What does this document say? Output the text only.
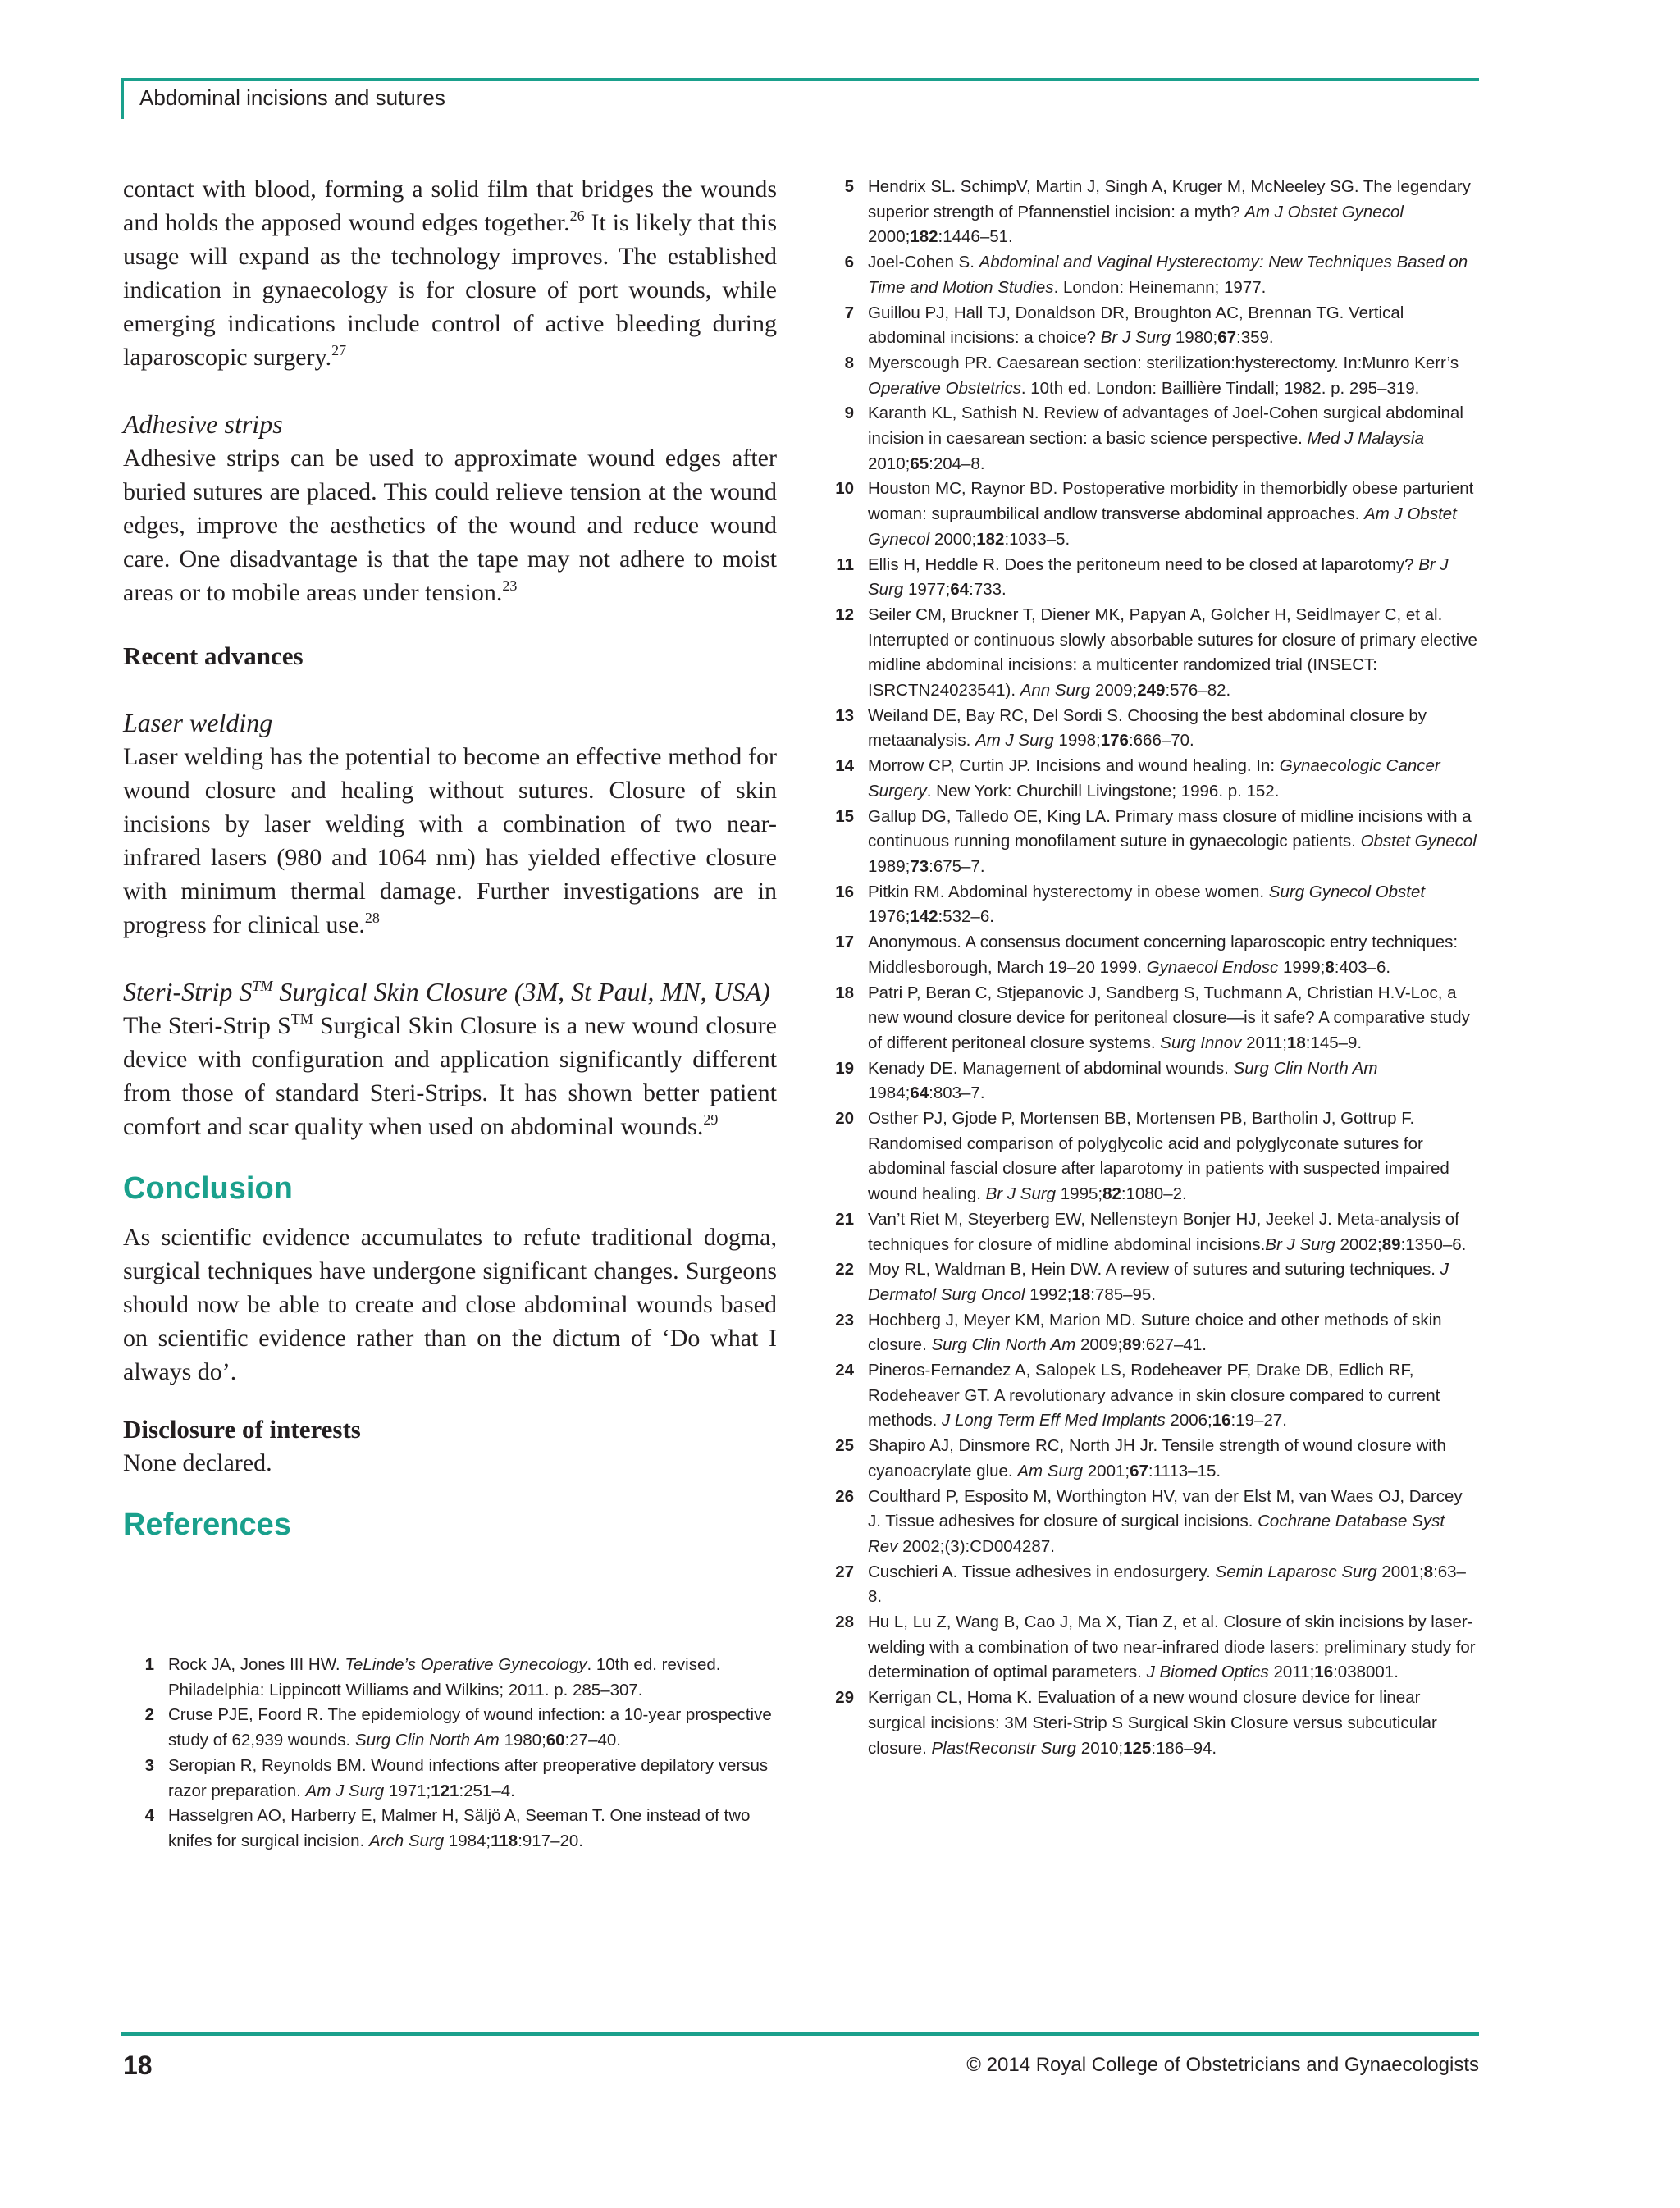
Abdominal incisions and sutures

contact with blood, forming a solid film that bridges the wounds and holds the apposed wound edges together.$^{26}$ It is likely that this usage will expand as the technology improves. The established indication in gynaecology is for closure of port wounds, while emerging indications include control of active bleeding during laparoscopic surgery.$^{27}$

Adhesive strips

Adhesive strips can be used to approximate wound edges after buried sutures are placed. This could relieve tension at the wound edges, improve the aesthetics of the wound and reduce wound care. One disadvantage is that the tape may not adhere to moist areas or to mobile areas under tension.$^{23}$

Recent advances
Laser welding

Laser welding has the potential to become an effective method for wound closure and healing without sutures. Closure of skin incisions by laser welding with a combination of two near-infrared lasers (980 and 1064 nm) has yielded effective closure with minimum thermal damage. Further investigations are in progress for clinical use.$^{28}$

Steri-Strip S™ Surgical Skin Closure (3M, St Paul, MN, USA)

The Steri-Strip S™ Surgical Skin Closure is a new wound closure device with configuration and application significantly different from those of standard Steri-Strips. It has shown better patient comfort and scar quality when used on abdominal wounds.$^{29}$

Conclusion

As scientific evidence accumulates to refute traditional dogma, surgical techniques have undergone significant changes. Surgeons should now be able to create and close abdominal wounds based on scientific evidence rather than on the dictum of ‘Do what I always do’.

Disclosure of interests

None declared.

References
1 Rock JA, Jones III HW. TeLinde’s Operative Gynecology. 10th ed. revised. Philadelphia: Lippincott Williams and Wilkins; 2011. p. 285–307.
2 Cruse PJE, Foord R. The epidemiology of wound infection: a 10-year prospective study of 62,939 wounds. Surg Clin North Am 1980;60:27–40.
3 Seropian R, Reynolds BM. Wound infections after preoperative depilatory versus razor preparation. Am J Surg 1971;121:251–4.
4 Hasselgren AO, Harberry E, Malmer H, Säljö A, Seeman T. One instead of two knifes for surgical incision. Arch Surg 1984;118:917–20.
5 Hendrix SL. SchimpV, Martin J, Singh A, Kruger M, McNeeley SG. The legendary superior strength of Pfannenstiel incision: a myth? Am J Obstet Gynecol 2000;182:1446–51.
6 Joel-Cohen S. Abdominal and Vaginal Hysterectomy: New Techniques Based on Time and Motion Studies. London: Heinemann; 1977.
7 Guillou PJ, Hall TJ, Donaldson DR, Broughton AC, Brennan TG. Vertical abdominal incisions: a choice? Br J Surg 1980;67:359.
8 Myerscough PR. Caesarean section: sterilization:hysterectomy. In:Munro Kerr’s Operative Obstetrics. 10th ed. London: Baillière Tindall; 1982. p. 295–319.
9 Karanth KL, Sathish N. Review of advantages of Joel-Cohen surgical abdominal incision in caesarean section: a basic science perspective. Med J Malaysia 2010;65:204–8.
10 Houston MC, Raynor BD. Postoperative morbidity in themorbidly obese parturient woman: supraumbilical andlow transverse abdominal approaches. Am J Obstet Gynecol 2000;182:1033–5.
11 Ellis H, Heddle R. Does the peritoneum need to be closed at laparotomy? Br J Surg 1977;64:733.
12 Seiler CM, Bruckner T, Diener MK, Papyan A, Golcher H, Seidlmayer C, et al. Interrupted or continuous slowly absorbable sutures for closure of primary elective midline abdominal incisions: a multicenter randomized trial (INSECT: ISRCTN24023541). Ann Surg 2009;249:576–82.
13 Weiland DE, Bay RC, Del Sordi S. Choosing the best abdominal closure by metaanalysis. Am J Surg 1998;176:666–70.
14 Morrow CP, Curtin JP. Incisions and wound healing. In: Gynaecologic Cancer Surgery. New York: Churchill Livingstone; 1996. p. 152.
15 Gallup DG, Talledo OE, King LA. Primary mass closure of midline incisions with a continuous running monofilament suture in gynaecologic patients. Obstet Gynecol 1989;73:675–7.
16 Pitkin RM. Abdominal hysterectomy in obese women. Surg Gynecol Obstet 1976;142:532–6.
17 Anonymous. A consensus document concerning laparoscopic entry techniques: Middlesborough, March 19–20 1999. Gynaecol Endosc 1999;8:403–6.
18 Patri P, Beran C, Stjepanovic J, Sandberg S, Tuchmann A, Christian H.V-Loc, a new wound closure device for peritoneal closure—is it safe? A comparative study of different peritoneal closure systems. Surg Innov 2011;18:145–9.
19 Kenady DE. Management of abdominal wounds. Surg Clin North Am 1984;64:803–7.
20 Osther PJ, Gjode P, Mortensen BB, Mortensen PB, Bartholin J, Gottrup F. Randomised comparison of polyglycolic acid and polyglyconate sutures for abdominal fascial closure after laparotomy in patients with suspected impaired wound healing. Br J Surg 1995;82:1080–2.
21 Van’t Riet M, Steyerberg EW, Nellensteyn Bonjer HJ, Jeekel J. Meta-analysis of techniques for closure of midline abdominal incisions.Br J Surg 2002;89:1350–6.
22 Moy RL, Waldman B, Hein DW. A review of sutures and suturing techniques. J Dermatol Surg Oncol 1992;18:785–95.
23 Hochberg J, Meyer KM, Marion MD. Suture choice and other methods of skin closure. Surg Clin North Am 2009;89:627–41.
24 Pineros-Fernandez A, Salopek LS, Rodeheaver PF, Drake DB, Edlich RF, Rodeheaver GT. A revolutionary advance in skin closure compared to current methods. J Long Term Eff Med Implants 2006;16:19–27.
25 Shapiro AJ, Dinsmore RC, North JH Jr. Tensile strength of wound closure with cyanoacrylate glue. Am Surg 2001;67:1113–15.
26 Coulthard P, Esposito M, Worthington HV, van der Elst M, van Waes OJ, Darcey J. Tissue adhesives for closure of surgical incisions. Cochrane Database Syst Rev 2002;(3):CD004287.
27 Cuschieri A. Tissue adhesives in endosurgery. Semin Laparosc Surg 2001;8:63–8.
28 Hu L, Lu Z, Wang B, Cao J, Ma X, Tian Z, et al. Closure of skin incisions by laser-welding with a combination of two near-infrared diode lasers: preliminary study for determination of optimal parameters. J Biomed Optics 2011;16:038001.
29 Kerrigan CL, Homa K. Evaluation of a new wound closure device for linear surgical incisions: 3M Steri-Strip S Surgical Skin Closure versus subcuticular closure. PlastReconstr Surg 2010;125:186–94.
18	© 2014 Royal College of Obstetricians and Gynaecologists
